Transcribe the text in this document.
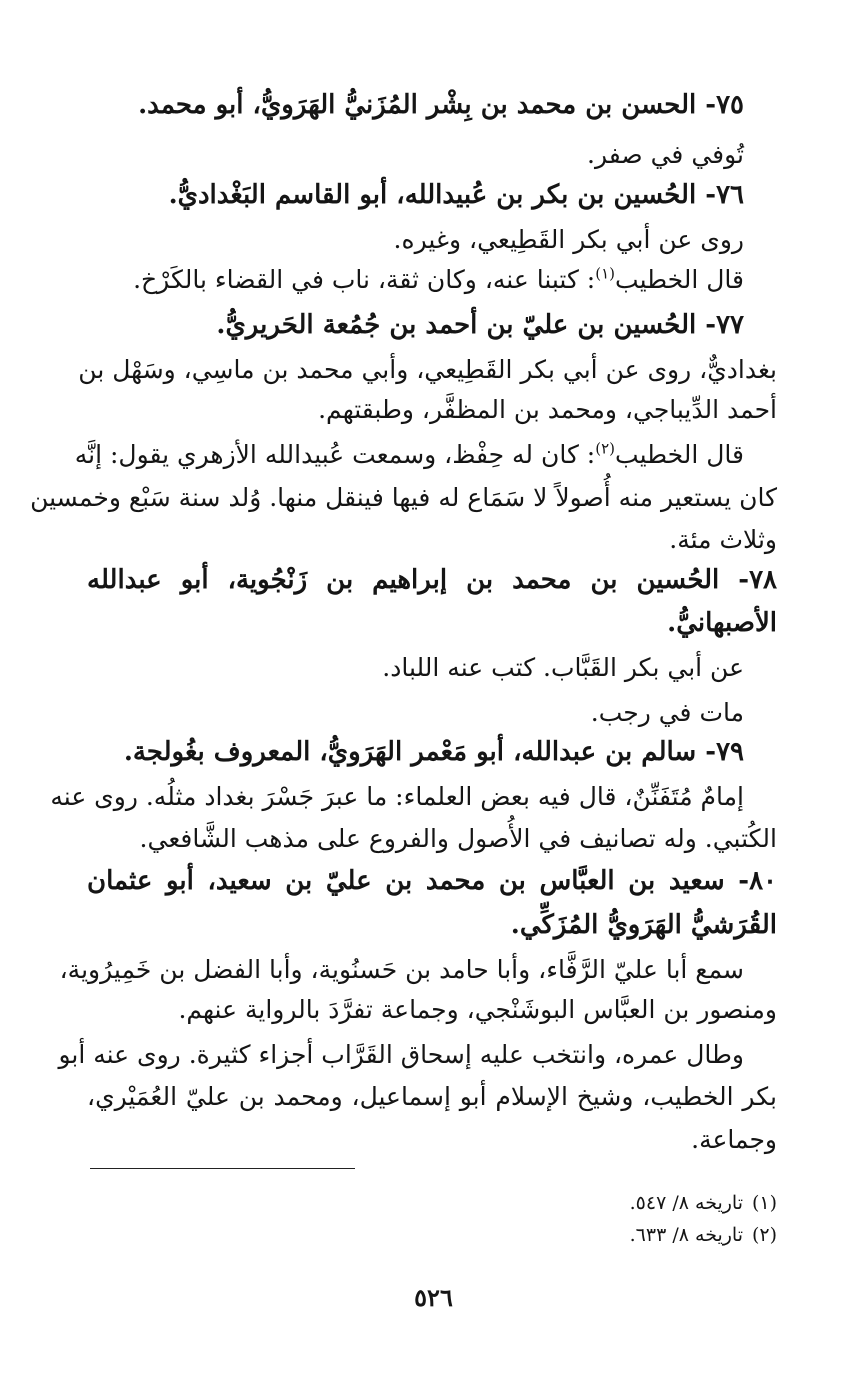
٧٥- الحسن بن محمد بن بِشْر المُزَنيُّ الهَرَويُّ، أبو محمد.
تُوفي في صفر.
٧٦- الحُسين بن بكر بن عُبيدالله، أبو القاسم البَغْداديُّ.
روى عن أبي بكر القَطِيعي، وغيره.
قال الخطيب$^{(١)}$: كتبنا عنه، وكان ثقة، ناب في القضاء بالكَرْخ.
٧٧- الحُسين بن عليّ بن أحمد بن جُمُعة الحَريريُّ.
بغداديٌّ، روى عن أبي بكر القَطِيعي، وأبي محمد بن ماسِي، وسَهْل بن
أحمد الدِّيباجي، ومحمد بن المظفَّر، وطبقتهم.
قال الخطيب$^{(٢)}$: كان له حِفْظ، وسمعت عُبيدالله الأزهري يقول: إنَّه
كان يستعير منه أُصولاً لا سَمَاع له فيها فينقل منها. وُلد سنة سَبْع وخمسين
وثلاث مئة.
٧٨- الحُسين بن محمد بن إبراهيم بن زَنْجُوية، أبو عبدالله
الأصبهانيُّ.
عن أبي بكر القَبَّاب. كتب عنه اللباد.
مات في رجب.
٧٩- سالم بن عبدالله، أبو مَعْمر الهَرَويُّ، المعروف بغُولجة.
إمامٌ مُتَفَنِّنٌ، قال فيه بعض العلماء: ما عبرَ جَسْرَ بغداد مثلُه. روى عنه
الكُتبي. وله تصانيف في الأُصول والفروع على مذهب الشَّافعي.
٨٠- سعيد بن العبَّاس بن محمد بن عليّ بن سعيد، أبو عثمان
القُرَشيُّ الهَرَويُّ المُزَكِّي.
سمع أبا عليّ الرَّفَّاء، وأبا حامد بن حَسنُوية، وأبا الفضل بن خَمِيرُوية،
ومنصور بن العبَّاس البوشَنْجي، وجماعة تفرَّدَ بالرواية عنهم.
وطال عمره، وانتخب عليه إسحاق القَرَّاب أجزاء كثيرة. روى عنه أبو
بكر الخطيب، وشيخ الإسلام أبو إسماعيل، ومحمد بن عليّ العُمَيْري،
وجماعة.
(١)تاريخه ٨/ ٥٤٧.
(٢)تاريخه ٨/ ٦٣٣.
٥٢٦
